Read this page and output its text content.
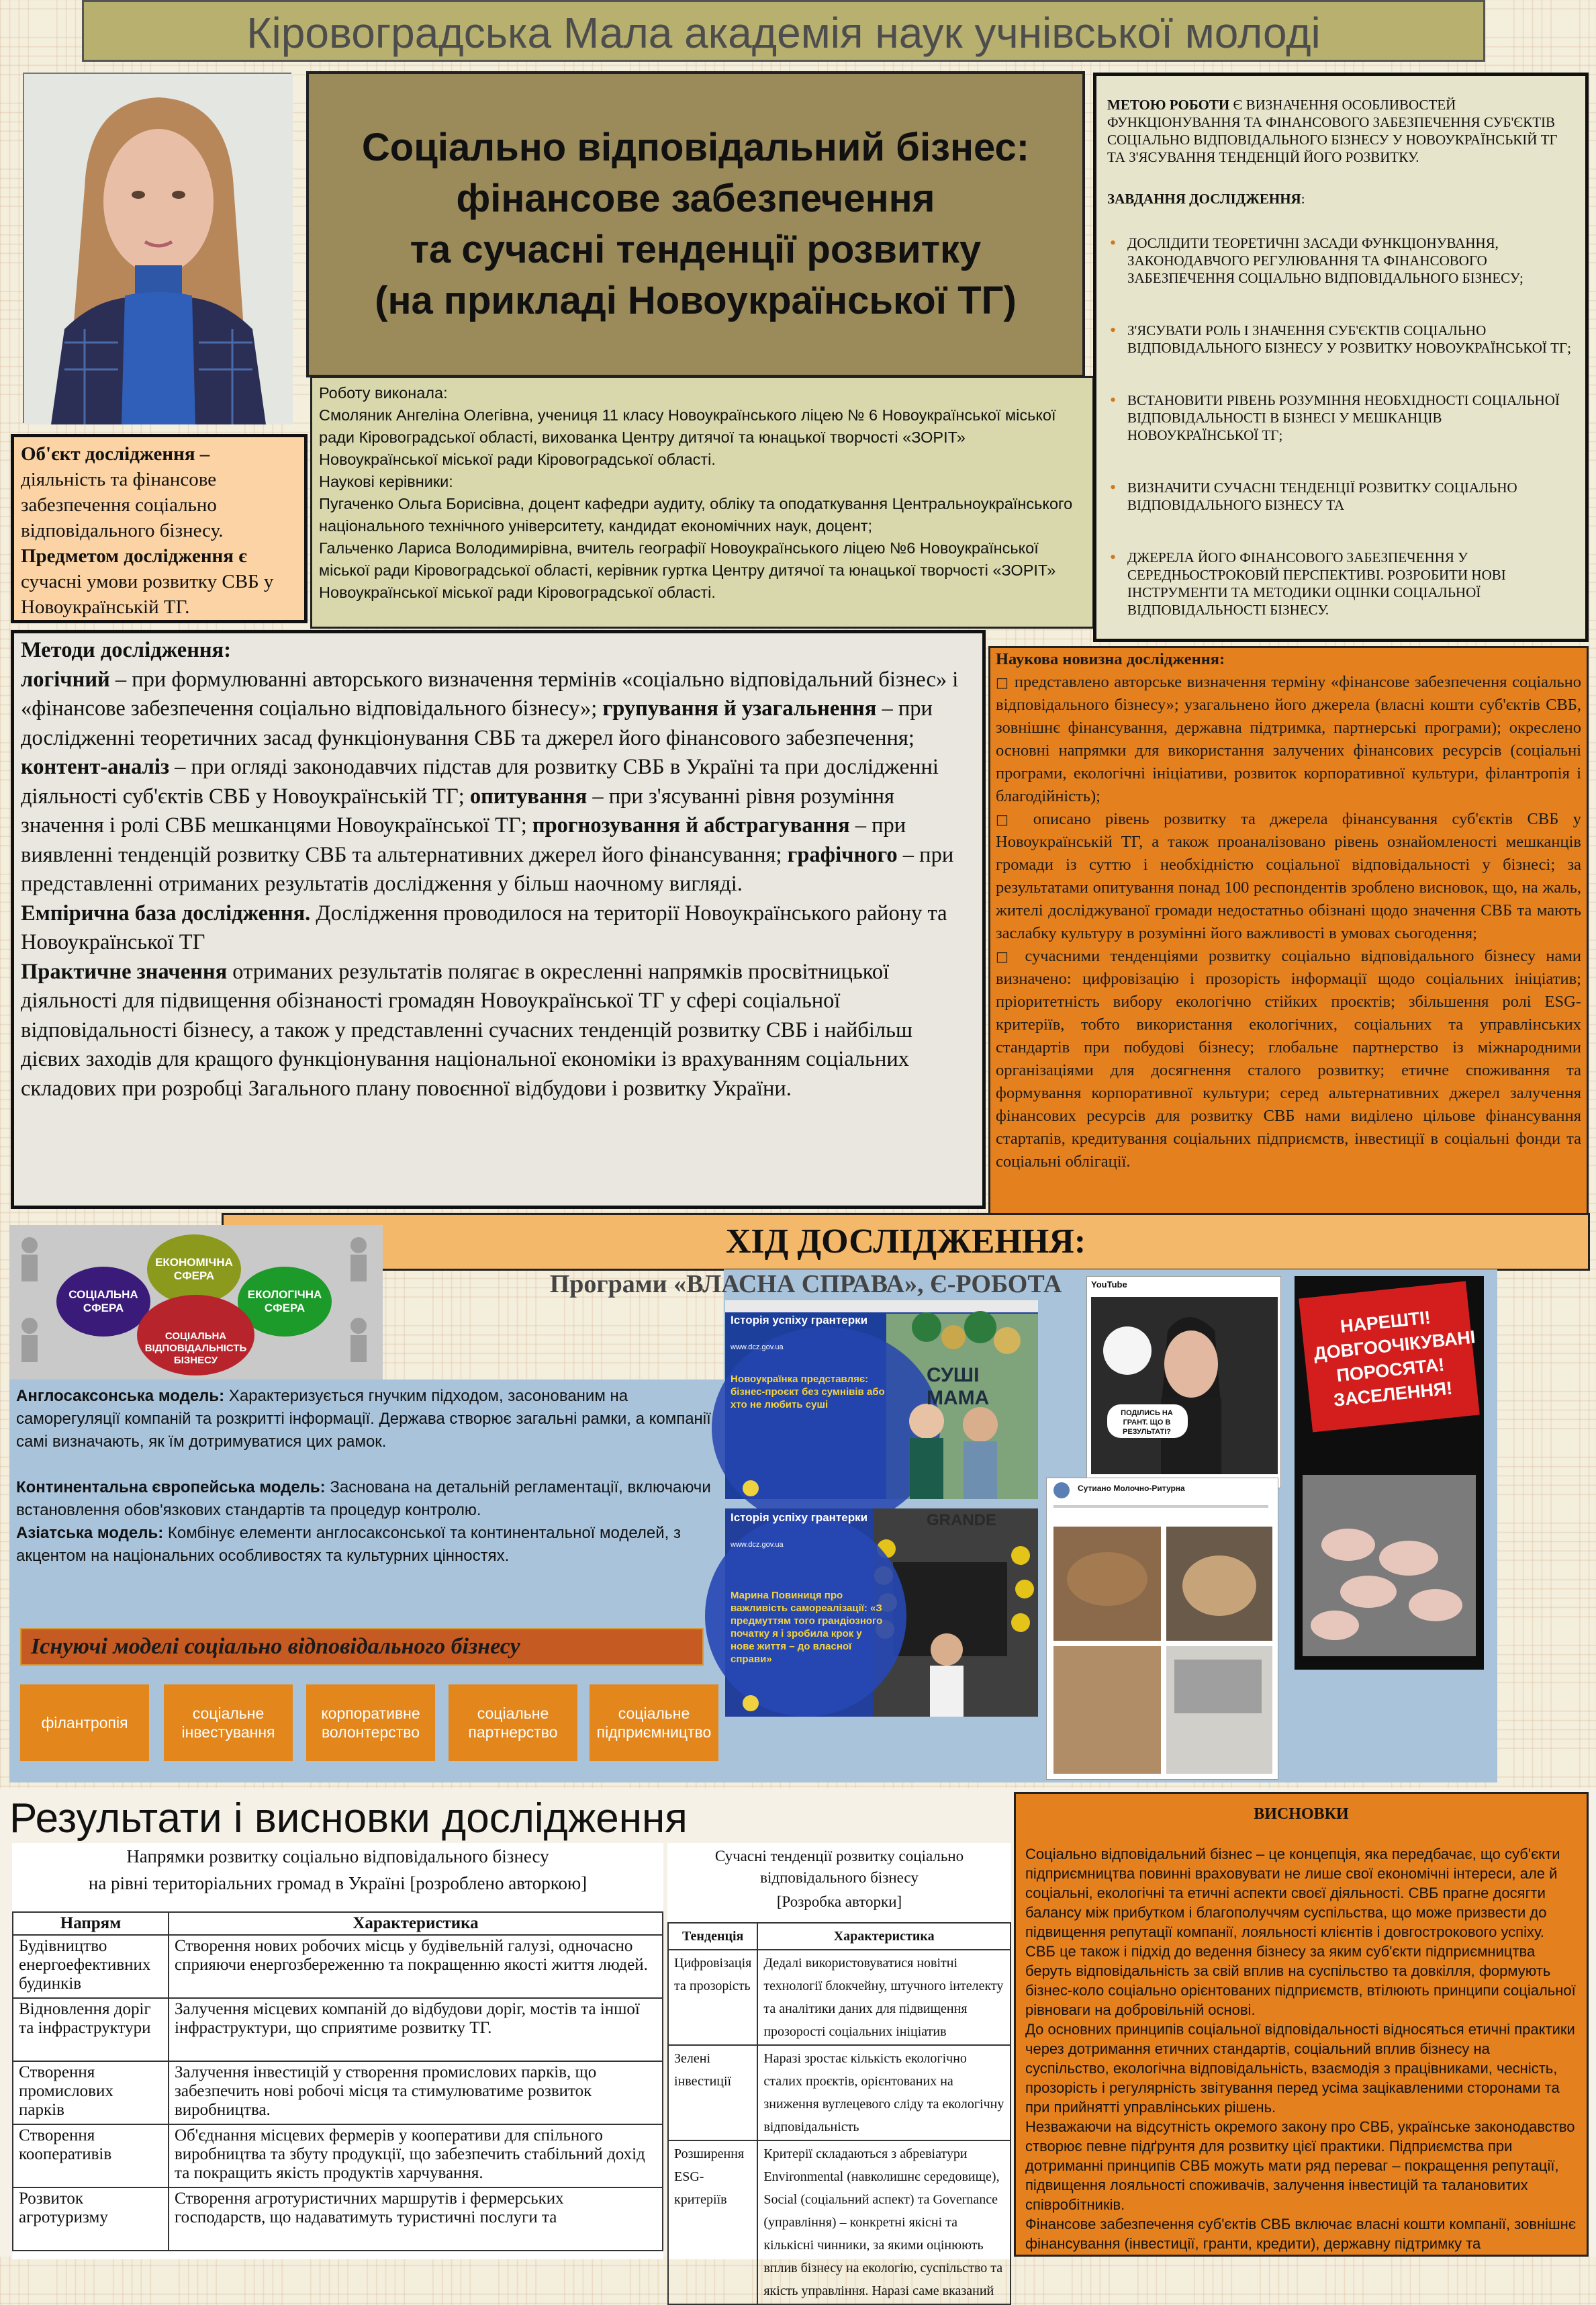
Кіровоградська Мала академія наук учнівської молоді
Соціально відповідальний бізнес:
фінансове забезпечення
та сучасні тенденції розвитку
(на прикладі Новоукраїнської ТГ)

Роботу виконала:

Смоляник Ангеліна Олегівна, учениця 11 класу Новоукраїнського ліцею № 6 Новоукраїнської міської ради Кіровоградської області, вихованка Центру дитячої та юнацької творчості «ЗОРІТ» Новоукраїнської міської ради Кіровоградської області.

Наукові керівники:

Пугаченко Ольга Борисівна, доцент кафедри аудиту, обліку та оподаткування Центральноукраїнського національного технічного університету, кандидат економічних наук, доцент;

Гальченко Лариса Володимирівна, вчитель географії Новоукраїнського ліцею №6 Новоукраїнської міської ради Кіровоградської області, керівник гуртка Центру дитячої та юнацької творчості «ЗОРІТ» Новоукраїнської міської ради Кіровоградської області.

МЕТОЮ РОБОТИ Є ВИЗНАЧЕННЯ ОСОБЛИВОСТЕЙ ФУНКЦІОНУВАННЯ ТА ФІНАНСОВОГО ЗАБЕЗПЕЧЕННЯ СУБ'ЄКТІВ СОЦІАЛЬНО ВІДПОВІДАЛЬНОГО БІЗНЕСУ У НОВОУКРАЇНСЬКІЙ ТГ ТА З'ЯСУВАННЯ ТЕНДЕНЦІЙ ЙОГО РОЗВИТКУ.
ЗАВДАННЯ ДОСЛІДЖЕННЯ:
• ДОСЛІДИТИ ТЕОРЕТИЧНІ ЗАСАДИ ФУНКЦІОНУВАННЯ, ЗАКОНОДАВЧОГО РЕГУЛЮВАННЯ ТА ФІНАНСОВОГО ЗАБЕЗПЕЧЕННЯ СОЦІАЛЬНО ВІДПОВІДАЛЬНОГО БІЗНЕСУ;
• З'ЯСУВАТИ РОЛЬ І ЗНАЧЕННЯ СУБ'ЄКТІВ СОЦІАЛЬНО ВІДПОВІДАЛЬНОГО БІЗНЕСУ У РОЗВИТКУ НОВОУКРАЇНСЬКОЇ ТГ;
• ВСТАНОВИТИ РІВЕНЬ РОЗУМІННЯ НЕОБХІДНОСТІ СОЦІАЛЬНОЇ ВІДПОВІДАЛЬНОСТІ В БІЗНЕСІ У МЕШКАНЦІВ НОВОУКРАЇНСЬКОЇ ТГ;
• ВИЗНАЧИТИ СУЧАСНІ ТЕНДЕНЦІЇ РОЗВИТКУ СОЦІАЛЬНО ВІДПОВІДАЛЬНОГО БІЗНЕСУ ТА
• ДЖЕРЕЛА ЙОГО ФІНАНСОВОГО ЗАБЕЗПЕЧЕННЯ У СЕРЕДНЬОСТРОКОВІЙ ПЕРСПЕКТИВІ. РОЗРОБИТИ НОВІ ІНСТРУМЕНТИ ТА МЕТОДИКИ ОЦІНКИ СОЦІАЛЬНОЇ ВІДПОВІДАЛЬНОСТІ БІЗНЕСУ.
Об'єкт дослідження – діяльність та фінансове забезпечення соціально відповідального бізнесу. Предметом дослідження є сучасні умови розвитку СВБ у Новоукраїнській ТГ.
Методи дослідження:
логічний – при формулюванні авторського визначення термінів «соціально відповідальний бізнес» і «фінансове забезпечення соціально відповідального бізнесу»; групування й узагальнення – при дослідженні теоретичних засад функціонування СВБ та джерел його фінансового забезпечення; контент-аналіз – при огляді законодавчих підстав для розвитку СВБ в Україні та при дослідженні діяльності суб'єктів СВБ у Новоукраїнській ТГ; опитування – при з'ясуванні рівня розуміння значення і ролі СВБ мешканцями Новоукраїнської ТГ; прогнозування й абстрагування – при виявленні тенденцій розвитку СВБ та альтернативних джерел його фінансування; графічного – при представленні отриманих результатів дослідження у більш наочному вигляді.
Емпірична база дослідження. Дослідження проводилося на території Новоукраїнського району та Новоукраїнської ТГ
Практичне значення отриманих результатів полягає в окресленні напрямків просвітницької діяльності для підвищення обізнаності громадян Новоукраїнської ТГ у сфері соціальної відповідальності бізнесу, а також у представленні сучасних тенденцій розвитку СВБ і найбільш дієвих заходів для кращого функціонування національної економіки із врахуванням соціальних складових при розробці Загального плану повоєнної відбудови і розвитку України.
Наукова новизна дослідження:
□ представлено авторське визначення терміну «фінансове забезпечення соціально відповідального бізнесу»; узагальнено його джерела (власні кошти суб'єктів СВБ, зовнішнє фінансування, державна підтримка, партнерські програми); окреслено основні напрямки для використання залучених фінансових ресурсів (соціальні програми, екологічні ініціативи, розвиток корпоративної культури, філантропія і благодійність);
□ описано рівень розвитку та джерела фінансування суб'єктів СВБ у Новоукраїнській ТГ, а також проаналізовано рівень ознайомленості мешканців громади із суттю і необхідністю соціальної відповідальності у бізнесі; за результатами опитування понад 100 респондентів зроблено висновок, що, на жаль, жителі досліджуваної громади недостатньо обізнані щодо значення СВБ та мають заслабку культуру в розумінні його важливості в умовах сьогодення;
□ сучасними тенденціями розвитку соціально відповідального бізнесу нами визначено: цифровізацію і прозорість інформації щодо соціальних ініціатив; пріоритетність вибору екологічно стійких проєктів; збільшення ролі ESG-критеріїв, тобто використання екологічних, соціальних та управлінських стандартів при побудові бізнесу; глобальне партнерство із міжнародними організаціями для досягнення сталого розвитку; етичне споживання та формування корпоративної культури; серед альтернативних джерел залучення фінансових ресурсів для розвитку СВБ нами виділено цільове фінансування стартапів, кредитування соціальних підприємств, інвестиції в соціальні фонди та соціальні облігації.
ХІД ДОСЛІДЖЕННЯ:
Програми «ВЛАСНА СПРАВА», Є-РОБОТА
ЕКОНОМІЧНА СФЕРА
СОЦІАЛЬНА СФЕРА
ЕКОЛОГІЧНА СФЕРА
СОЦІАЛЬНА ВІДПОВІДАЛЬНІСТЬ БІЗНЕСУ

Англосаксонська модель: Характеризується гнучким підходом, засонованим на саморегуляції компаній та розкритті інформації. Держава створює загальні рамки, а компанії самі визначають, як їм дотримуватися цих рамок.

Континентальна європейська модель: Заснована на детальній регламентації, включаючи встановлення обов'язкових стандартів та процедур контролю.

Азіатська модель: Комбінує елементи англосаксонської та континентальної моделей, з акцентом на національних особливостях та культурних цінностях.

Існуючі моделі соціально відповідального бізнесу
філантропія
соціальне інвестування
корпоративне волонтерство
соціальне партнерство
соціальне підприємництво
Історія успіху грантерки
www.dcz.gov.ua
СУШІ МАМА
Новоукраїнка представляє: бізнес-проєкт без сумнівів або хто не любить суші
Історія успіху грантерки
www.dcz.gov.ua
GRANDE
Марина Повиниця про важливість самореалізації: «З предмуттям того грандіозного початку я і зробила крок у нове життя – до власної справи»
YouTube
ПОДІЛИСЬ НА ГРАНТ. ЩО В РЕЗУЛЬТАТІ?
Сутиано Молочно-Ритурна
НАРЕШТІ! ДОВГООЧІКУВАНІ ПОРОСЯТА! ЗАСЕЛЕННЯ!
Результати і висновки дослідження
Напрямки розвитку соціально відповідального бізнесу
на рівні територіальних громад в Україні [розроблено авторкою]
Напрям	Характеристика
Будівництво енергоефективних будинків	Створення нових робочих місць у будівельній галузі, одночасно сприяючи енергозбереженню та покращенню якості життя людей.
Відновлення доріг та інфраструктури	Залучення місцевих компаній до відбудови доріг, мостів та іншої інфраструктури, що сприятиме розвитку ТГ.
Створення промислових парків	Залучення інвестицій у створення промислових парків, що забезпечить нові робочі місця та стимулюватиме розвиток виробництва.
Створення кооперативів	Об'єднання місцевих фермерів у кооперативи для спільного виробництва та збуту продукції, що забезпечить стабільний дохід та покращить якість продуктів харчування.
Розвиток агротуризму	Створення агротуристичних маршрутів і фермерських господарств, що надаватимуть туристичні послуги та
Сучасні тенденції розвитку соціально відповідального бізнесу
[Розробка авторки]
Тенденція	Характеристика
Цифровізація та прозорість	Дедалі використовуватися новітні технології блокчейну, штучного інтелекту та аналітики даних для підвищення прозорості соціальних ініціатив
Зелені інвестиції	Наразі зростає кількість екологічно сталих проєктів, орієнтованих на зниження вуглецевого сліду та екологічну відповідальність
Розширення ESG-критеріїв	Критерії складаються з абревіатури Environmental (навколишнє середовище), Social (соціальний аспект) та Governance (управління) – конкретні якісні та кількісні чинники, за якими оцінюють вплив бізнесу на екологію, суспільство та якість управління. Наразі саме вказаний
ВИСНОВКИ
Соціально відповідальний бізнес – це концепція, яка передбачає, що суб'єкти підприємництва повинні враховувати не лише свої економічні інтереси, але й соціальні, екологічні та етичні аспекти своєї діяльності. СВБ прагне досягти балансу між прибутком і благополуччям суспільства, що може призвести до підвищення репутації компанії, лояльності клієнтів і довгострокового успіху. СВБ це також і підхід до ведення бізнесу за яким суб'єкти підприємництва беруть відповідальність за свій вплив на суспільство та довкілля, формують бізнес-коло соціально орієнтованих підприємств, втілюють принципи соціальної рівноваги на добровільній основі.
До основних принципів соціальної відповідальності відносяться етичні практики через дотримання етичних стандартів, соціальний вплив бізнесу на суспільство, екологічна відповідальність, взаємодія з працівниками, чесність, прозорість і регулярність звітування перед усіма зацікавленими сторонами та при прийнятті управлінських рішень.
Незважаючи на відсутність окремого закону про СВБ, українське законодавство створює певне підґрунтя для розвитку цієї практики. Підприємства при дотриманні принципів СВБ можуть мати ряд переваг – покращення репутації, підвищення лояльності споживачів, залучення інвестицій та талановитих співробітників.
Фінансове забезпечення суб'єктів СВБ включає власні кошти компанії, зовнішнє фінансування (інвестиції, гранти, кредити), державну підтримку та
